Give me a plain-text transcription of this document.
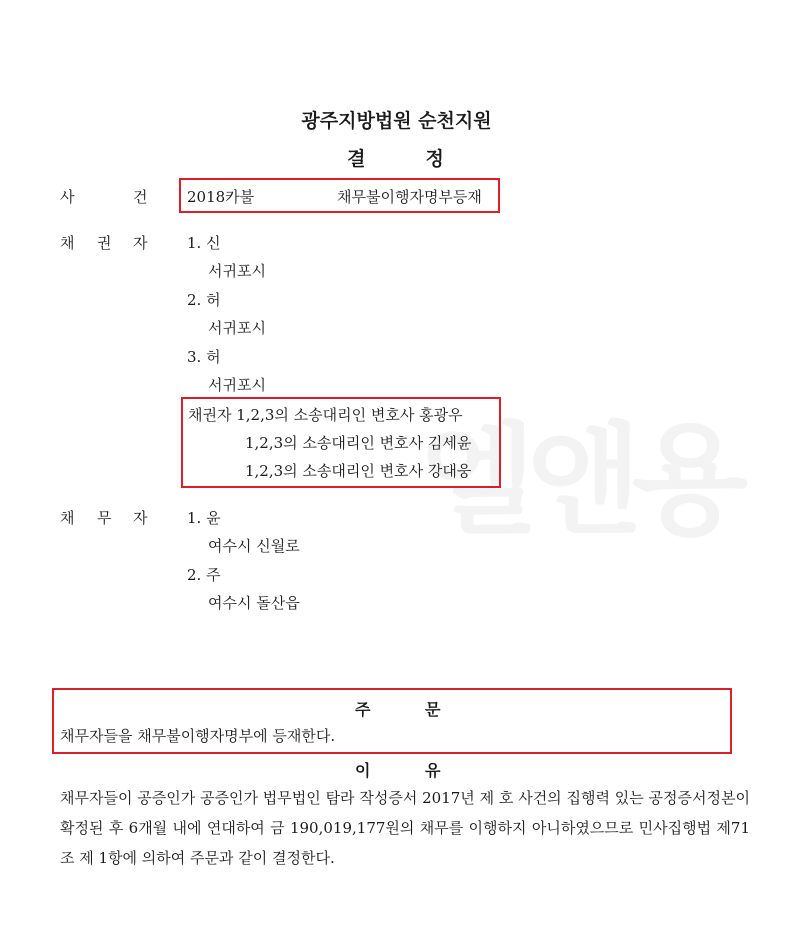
엘앤용
광주지방법원 순천지원
결정
사	건	2018카불	채무불이행자명부등재
채 권 자	1. 신
서귀포시
2. 허
서귀포시
3. 허
서귀포시
채권자 1,2,3의 소송대리인 변호사 홍광우
1,2,3의 소송대리인 변호사 김세윤
1,2,3의 소송대리인 변호사 강대웅
채 무 자	1. 윤
여수시 신월로
2. 주
여수시 돌산읍
주	문
채무자들을 채무불이행자명부에 등재한다.
이	유
채무자들이 공증인가 공증인가 법무법인 탐라 작성증서 2017년 제 호 사건의 집행력 있는 공정증서정본이 확정된 후 6개월 내에 연대하여 금 190,019,177원의 채무를 이행하지 아니하였으므로 민사집행법 제71조 제 1항에 의하여 주문과 같이 결정한다.
